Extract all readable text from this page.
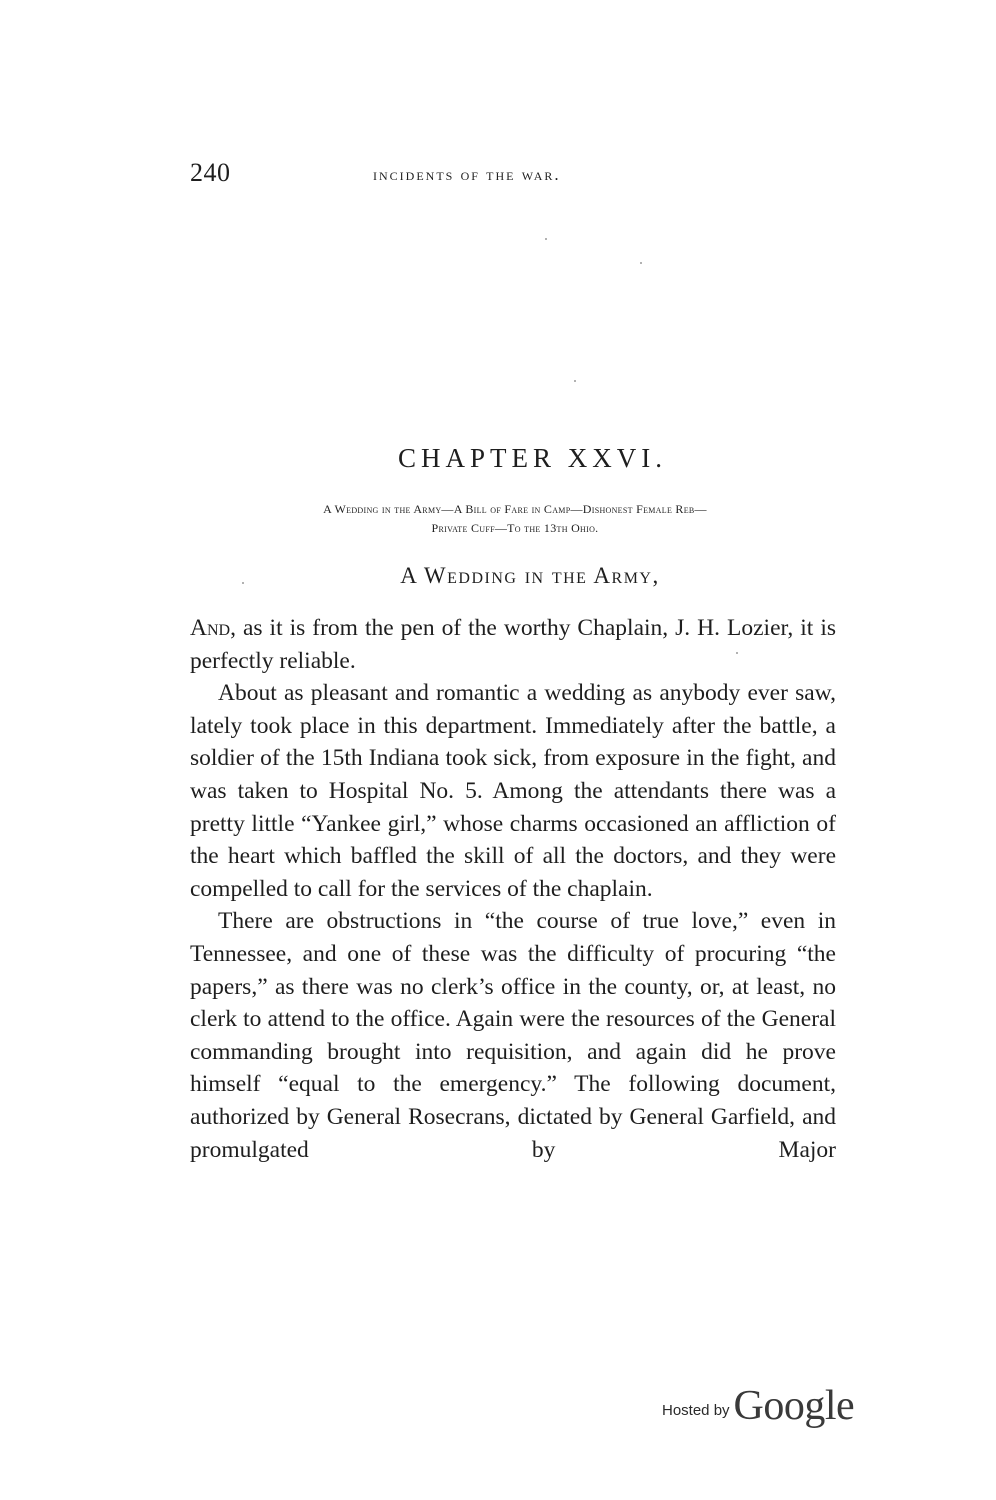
240	incidents of the war.
CHAPTER XXVI.
A Wedding in the Army—A Bill of Fare in Camp—Dishonest Female Reb—
Private Cuff—To the 13th Ohio.
A Wedding in the Army,

And, as it is from the pen of the worthy Chaplain, J. H. Lozier, it is perfectly reliable.

About as pleasant and romantic a wedding as anybody ever saw, lately took place in this department. Immediately after the battle, a soldier of the 15th Indiana took sick, from exposure in the fight, and was taken to Hospital No. 5. Among the attendants there was a pretty little “Yankee girl,” whose charms occasioned an affliction of the heart which baffled the skill of all the doctors, and they were compelled to call for the services of the chaplain.

There are obstructions in “the course of true love,” even in Tennessee, and one of these was the difficulty of procuring “the papers,” as there was no clerk’s office in the county, or, at least, no clerk to attend to the office. Again were the resources of the General commanding brought into requisition, and again did he prove himself “equal to the emergency.” The following document, authorized by General Rosecrans, dictated by General Garfield, and promulgated by Major

Hosted by Google
